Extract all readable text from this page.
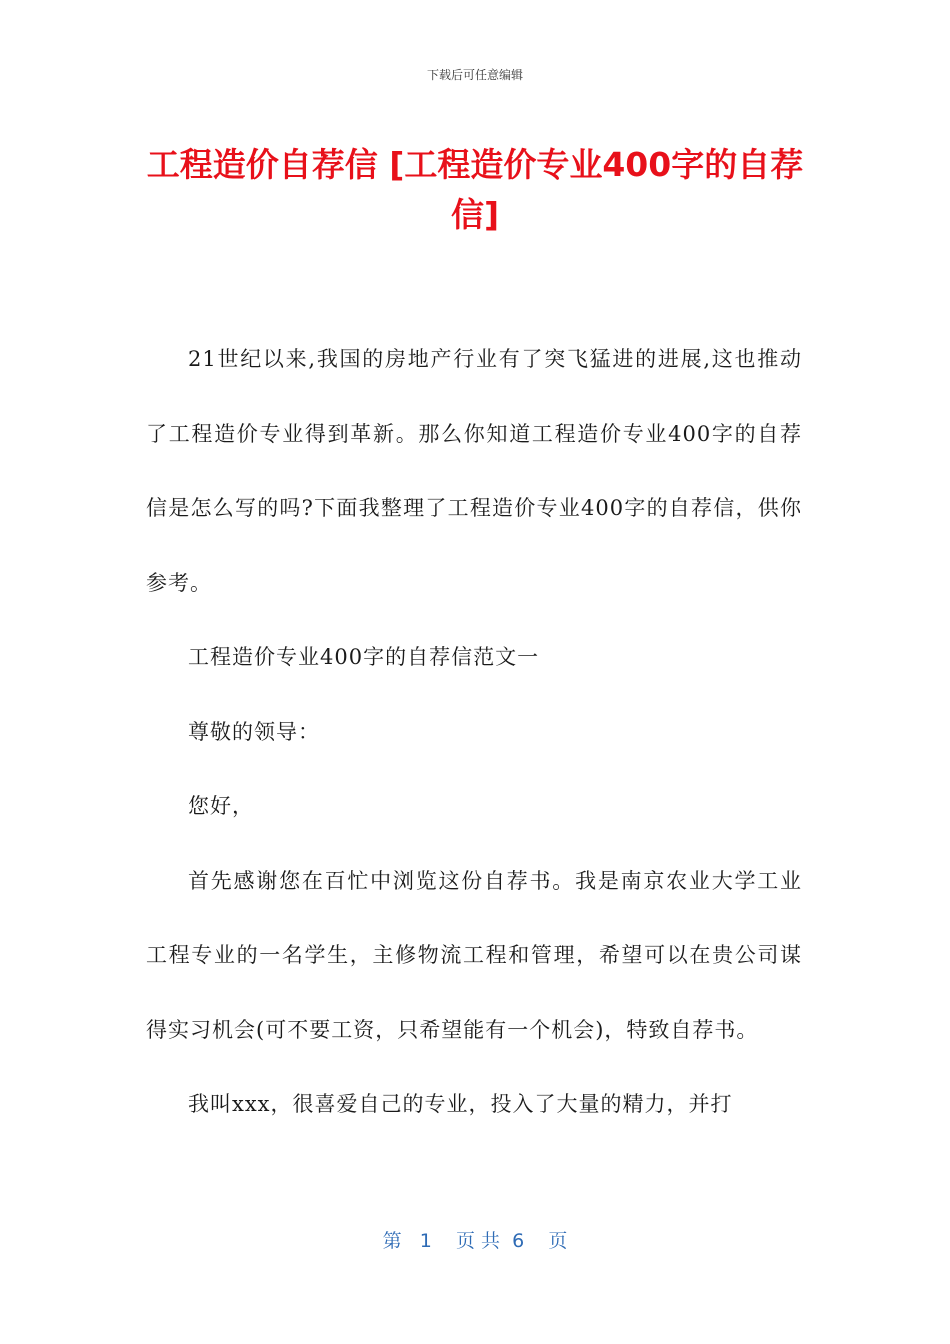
下载后可任意编辑
工程造价自荐信 [工程造价专业400字的自荐信]

21世纪以来,我国的房地产行业有了突飞猛进的进展,这也推动了工程造价专业得到革新。那么你知道工程造价专业400字的自荐信是怎么写的吗?下面我整理了工程造价专业400字的自荐信，供你参考。

工程造价专业400字的自荐信范文一

尊敬的领导：

您好，

首先感谢您在百忙中浏览这份自荐书。我是南京农业大学工业工程专业的一名学生，主修物流工程和管理，希望可以在贵公司谋得实习机会(可不要工资，只希望能有一个机会)，特致自荐书。

我叫xxx，很喜爱自己的专业，投入了大量的精力，并打

第   1    页 共  6    页
